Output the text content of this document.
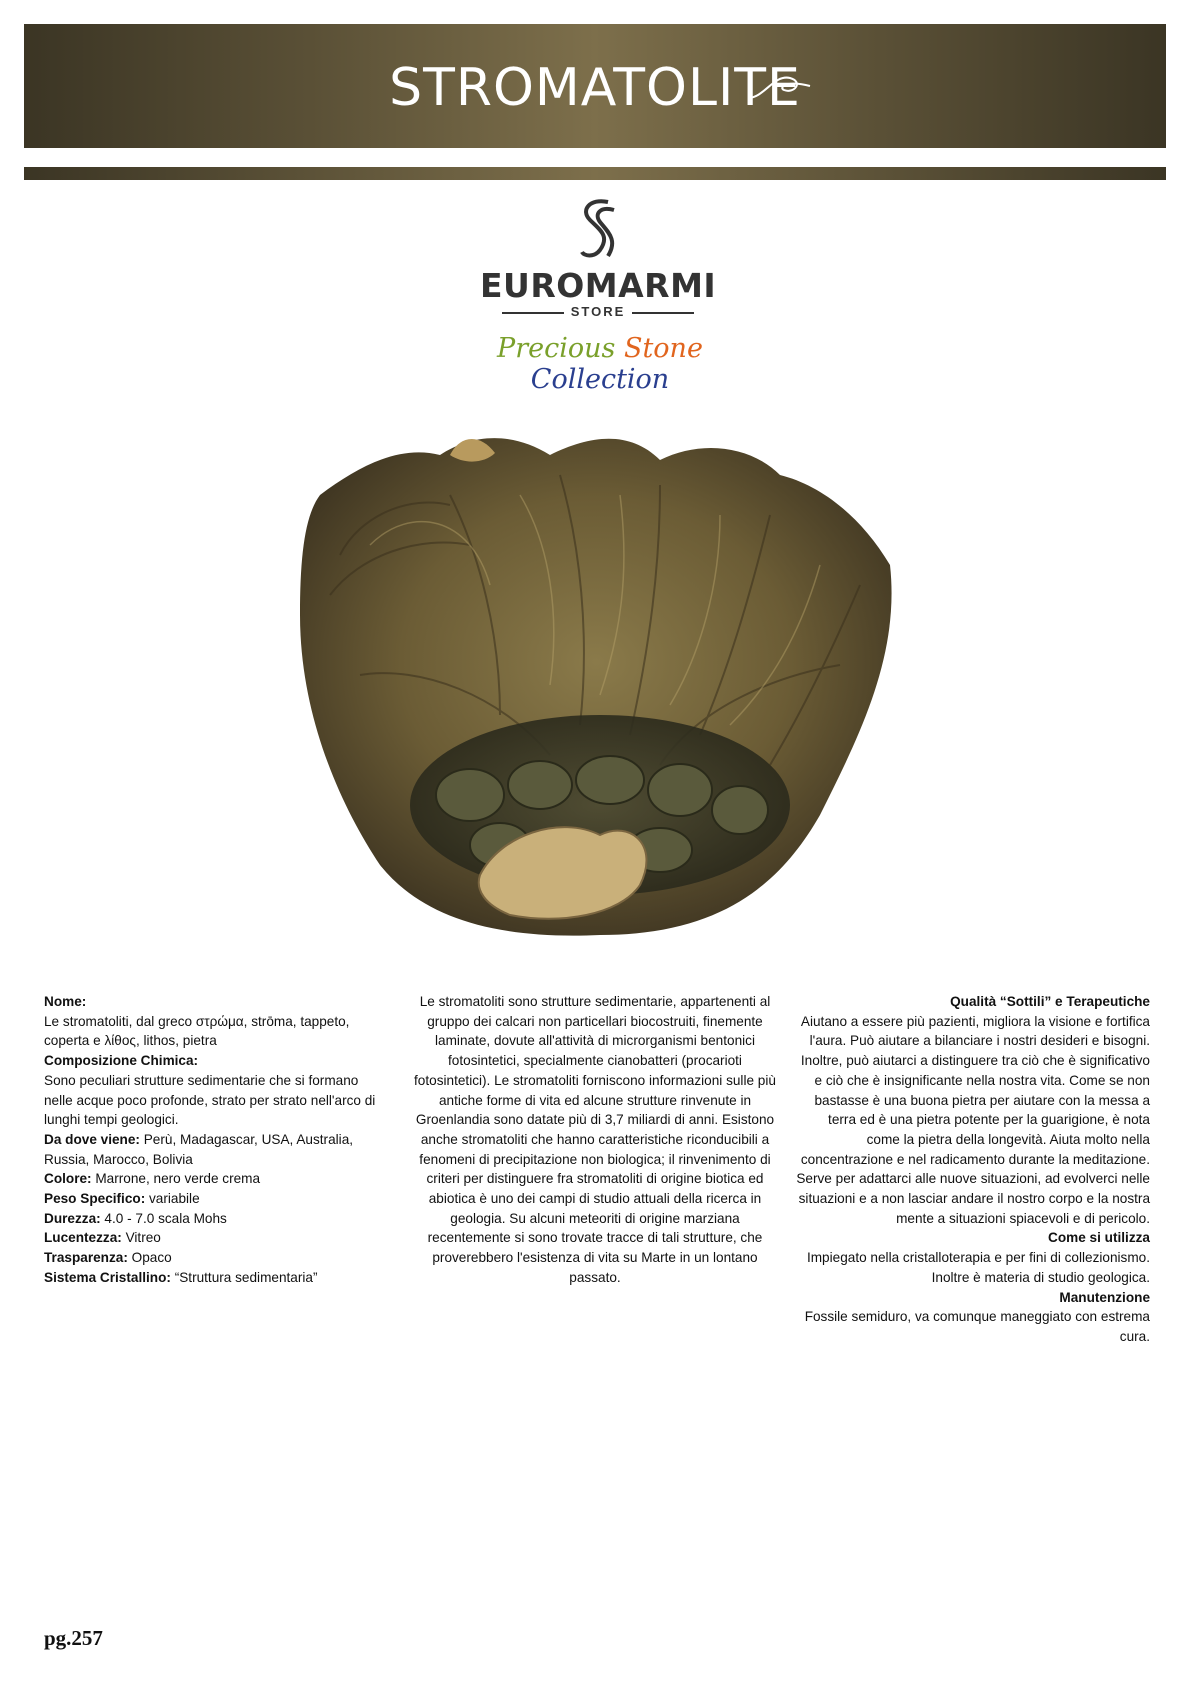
STROMATOLITE
EUROMARMI
STORE
Precious Stone Collection

Nome:

Le stromatoliti, dal greco στρώμα, strōma, tappeto, coperta e λίθος, lithos, pietra

Composizione Chimica:

Sono peculiari strutture sedimentarie che si formano nelle acque poco profonde, strato per strato nell'arco di lunghi tempi geologici.

Da dove viene: Perù, Madagascar, USA, Australia, Russia, Marocco, Bolivia

Colore: Marrone, nero verde crema

Peso Specifico: variabile

Durezza: 4.0 - 7.0 scala Mohs

Lucentezza: Vitreo

Trasparenza: Opaco

Sistema Cristallino: “Struttura sedimentaria”

Le stromatoliti sono strutture sedimentarie, appartenenti al gruppo dei calcari non particellari biocostruiti, finemente laminate, dovute all'attività di microrganismi bentonici fotosintetici, specialmente cianobatteri (procarioti fotosintetici). Le stromatoliti forniscono informazioni sulle più antiche forme di vita ed alcune strutture rinvenute in Groenlandia sono datate più di 3,7 miliardi di anni. Esistono anche stromatoliti che hanno caratteristiche riconducibili a fenomeni di precipitazione non biologica; il rinvenimento di criteri per distinguere fra stromatoliti di origine biotica ed abiotica è uno dei campi di studio attuali della ricerca in geologia. Su alcuni meteoriti di origine marziana recentemente si sono trovate tracce di tali strutture, che proverebbero l'esistenza di vita su Marte in un lontano passato.

Qualità “Sottili” e Terapeutiche

Aiutano a essere più pazienti, migliora la visione e fortifica l'aura. Può aiutare a bilanciare i nostri desideri e bisogni. Inoltre, può aiutarci a distinguere tra ciò che è significativo e ciò che è insignificante nella nostra vita. Come se non bastasse è una buona pietra per aiutare con la messa a terra ed è una pietra potente per la guarigione, è nota come la pietra della longevità. Aiuta molto nella concentrazione e nel radicamento durante la meditazione. Serve per adattarci alle nuove situazioni, ad evolverci nelle situazioni e a non lasciar andare il nostro corpo e la nostra mente a situazioni spiacevoli e di pericolo.

Come si utilizza

Impiegato nella cristalloterapia e per fini di collezionismo. Inoltre è materia di studio geologica.

Manutenzione

Fossile semiduro, va comunque maneggiato con estrema cura.

pg.257
